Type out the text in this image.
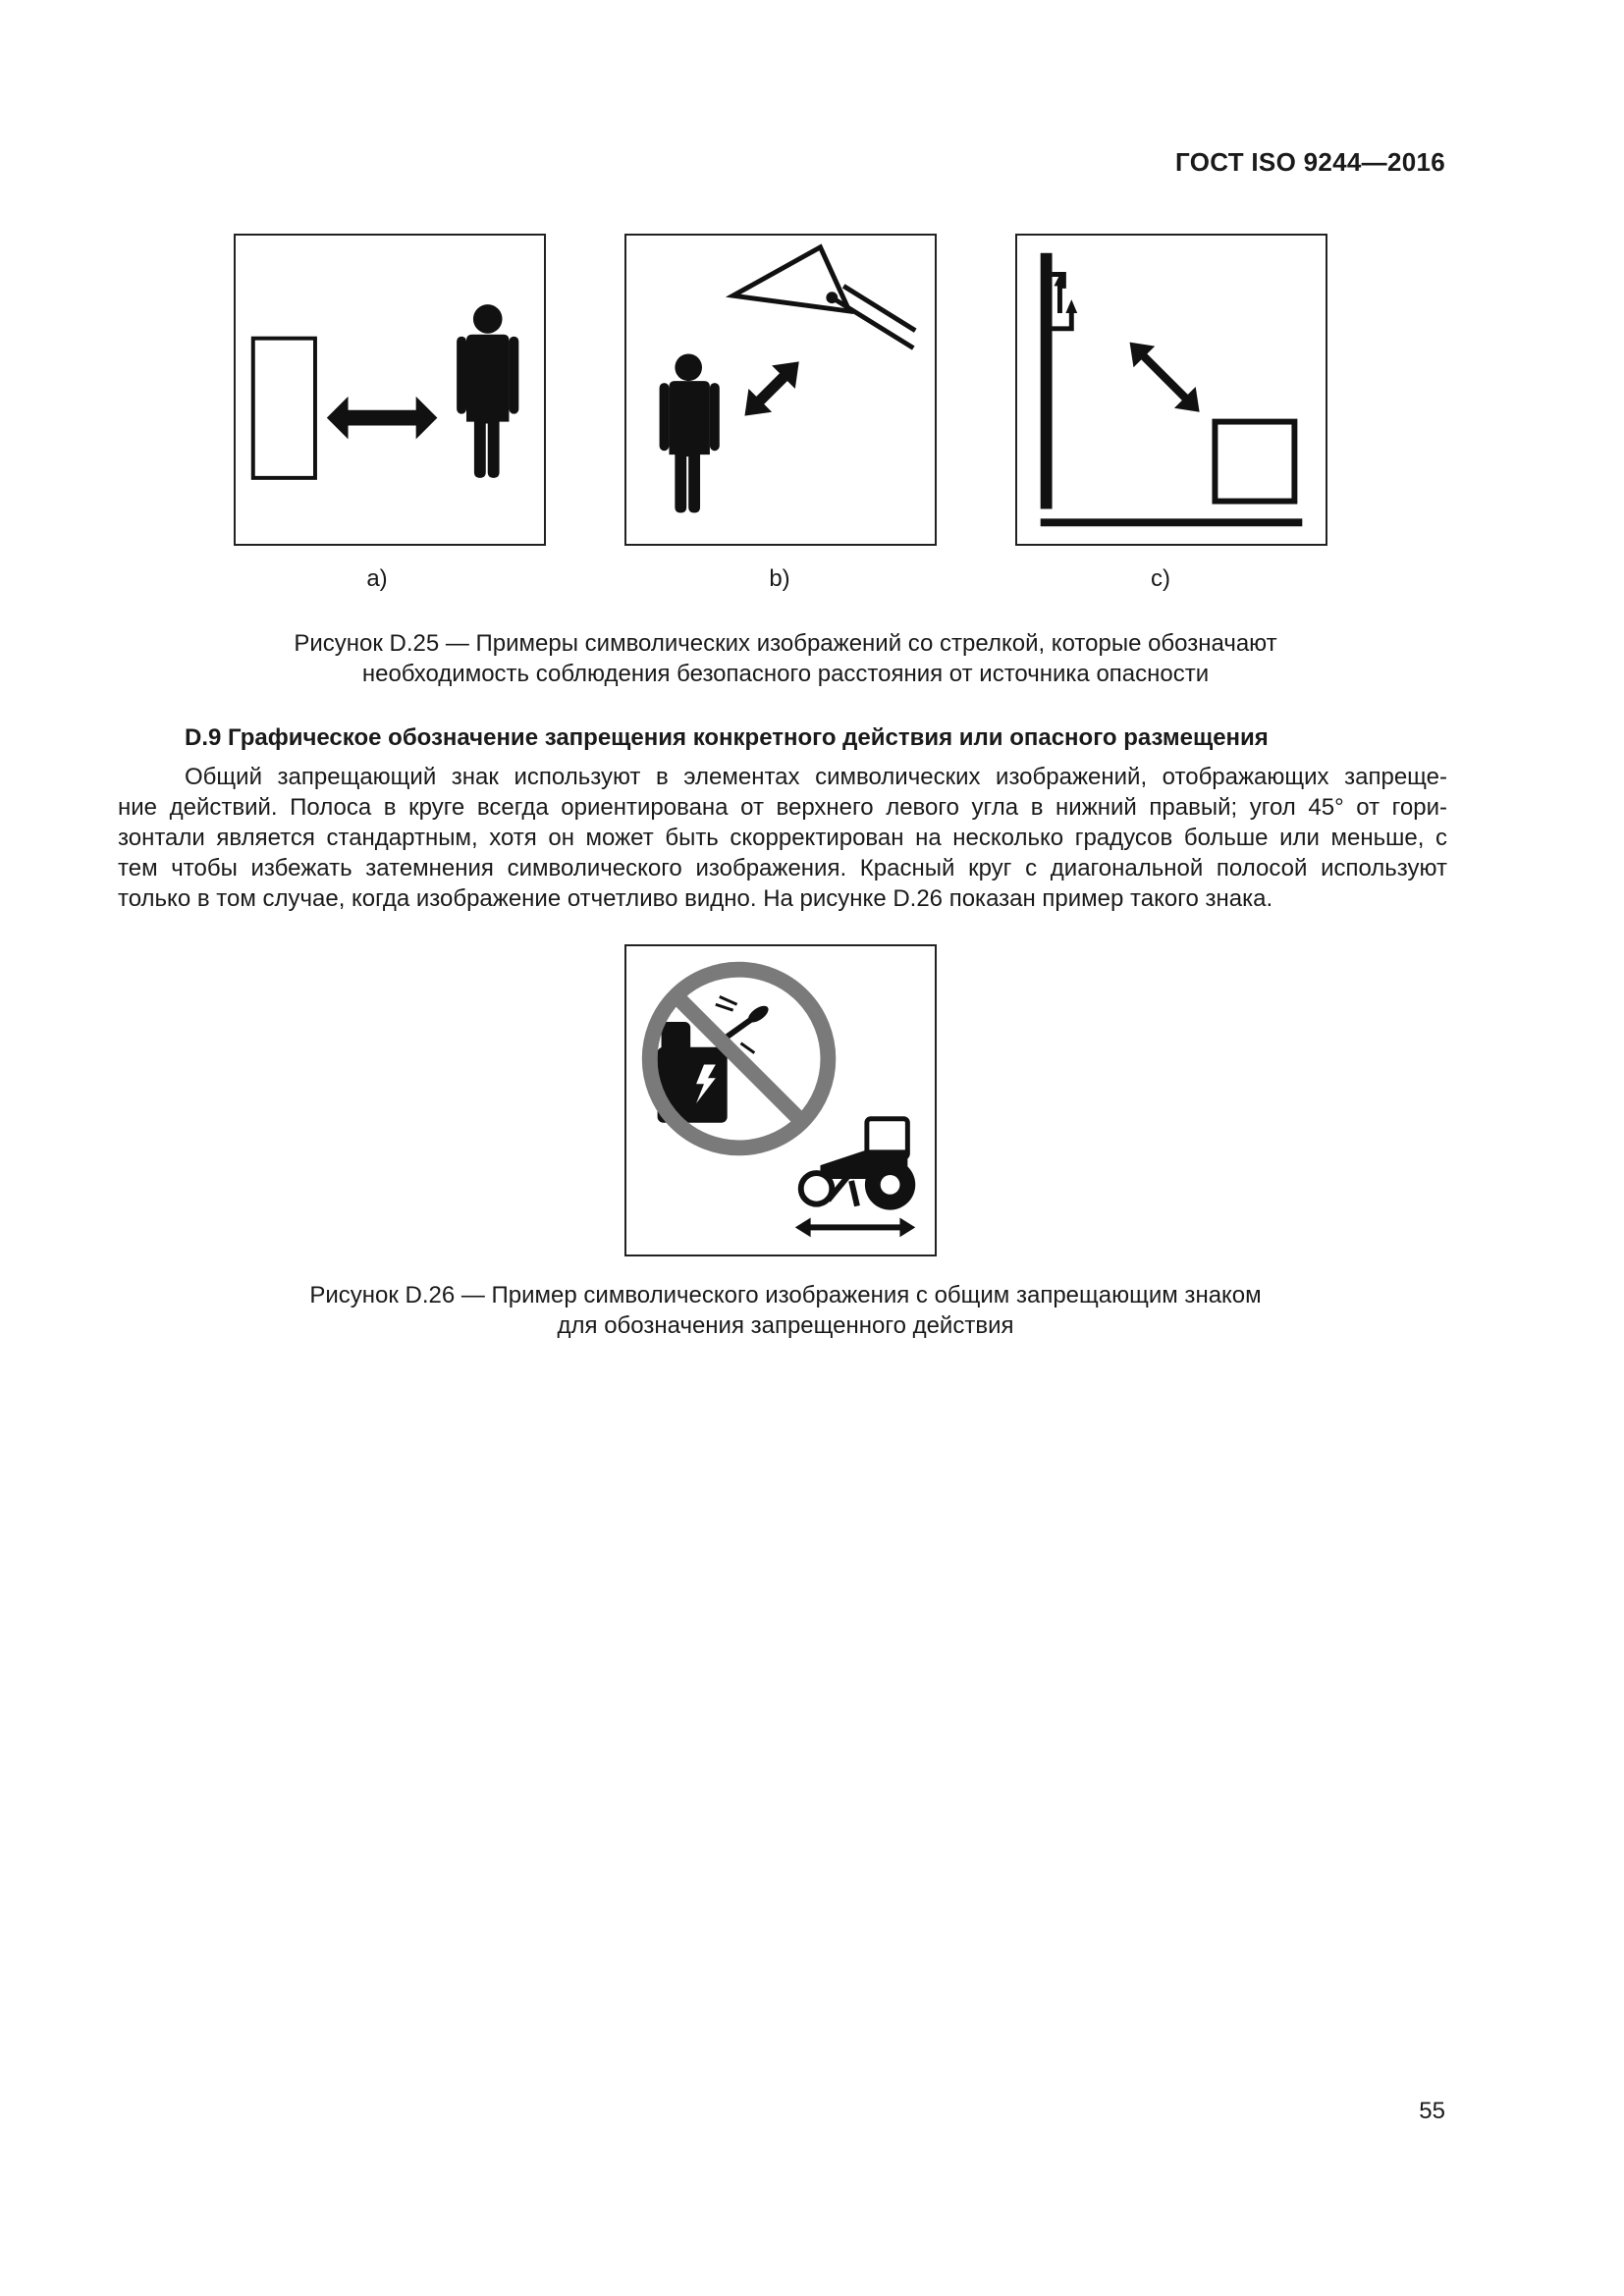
ГОСТ ISO 9244—2016
a)	b)	c)
Рисунок D.25 — Примеры символических изображений со стрелкой, которые обозначают
необходимость соблюдения безопасного расстояния от источника опасности
D.9 Графическое обозначение запрещения конкретного действия или опасного размещения
Общий запрещающий знак используют в элементах символических изображений, отображающих запреще-
ние действий. Полоса в круге всегда ориентирована от верхнего левого угла в нижний правый; угол 45° от гори-
зонтали является стандартным, хотя он может быть скорректирован на несколько градусов больше или меньше, с
тем чтобы избежать затемнения символического изображения. Красный круг с диагональной полосой используют
только в том случае, когда изображение отчетливо видно. На рисунке D.26 показан пример такого знака.
Рисунок D.26 — Пример символического изображения с общим запрещающим знаком
для обозначения запрещенного действия
55
